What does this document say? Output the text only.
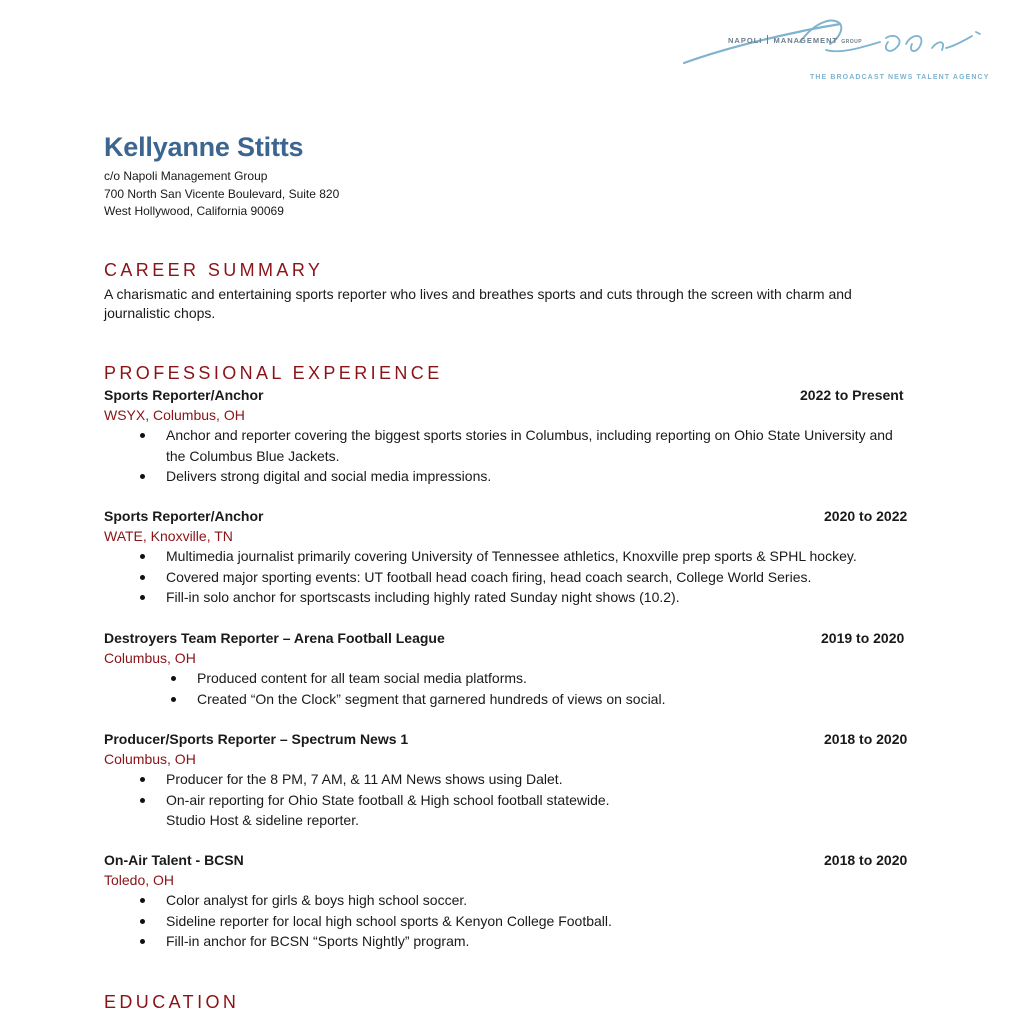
NAPOLI MANAGEMENT GROUP
THE BROADCAST NEWS TALENT AGENCY
Kellyanne Stitts
c/o Napoli Management Group
700 North San Vicente Boulevard, Suite 820
West Hollywood, California 90069
CAREER SUMMARY

A charismatic and entertaining sports reporter who lives and breathes sports and cuts through the screen with charm and journalistic chops.

PROFESSIONAL EXPERIENCE
Sports Reporter/Anchor	2022 to Present
WSYX, Columbus, OH
Anchor and reporter covering the biggest sports stories in Columbus, including reporting on Ohio State University and the Columbus Blue Jackets.
Delivers strong digital and social media impressions.
Sports Reporter/Anchor	2020 to 2022
WATE, Knoxville, TN
Multimedia journalist primarily covering University of Tennessee athletics, Knoxville prep sports & SPHL hockey.
Covered major sporting events: UT football head coach firing, head coach search, College World Series.
Fill-in solo anchor for sportscasts including highly rated Sunday night shows (10.2).
Destroyers Team Reporter – Arena Football League	2019 to 2020
Columbus, OH
Produced content for all team social media platforms.
Created “On the Clock” segment that garnered hundreds of views on social.
Producer/Sports Reporter – Spectrum News 1	2018 to 2020
Columbus, OH
Producer for the 8 PM, 7 AM, & 11 AM News shows using Dalet.
On-air reporting for Ohio State football & High school football statewide.
Studio Host & sideline reporter.
On-Air Talent - BCSN	2018 to 2020
Toledo, OH
Color analyst for girls & boys high school soccer.
Sideline reporter for local high school sports & Kenyon College Football.
Fill-in anchor for BCSN “Sports Nightly” program.
EDUCATION
